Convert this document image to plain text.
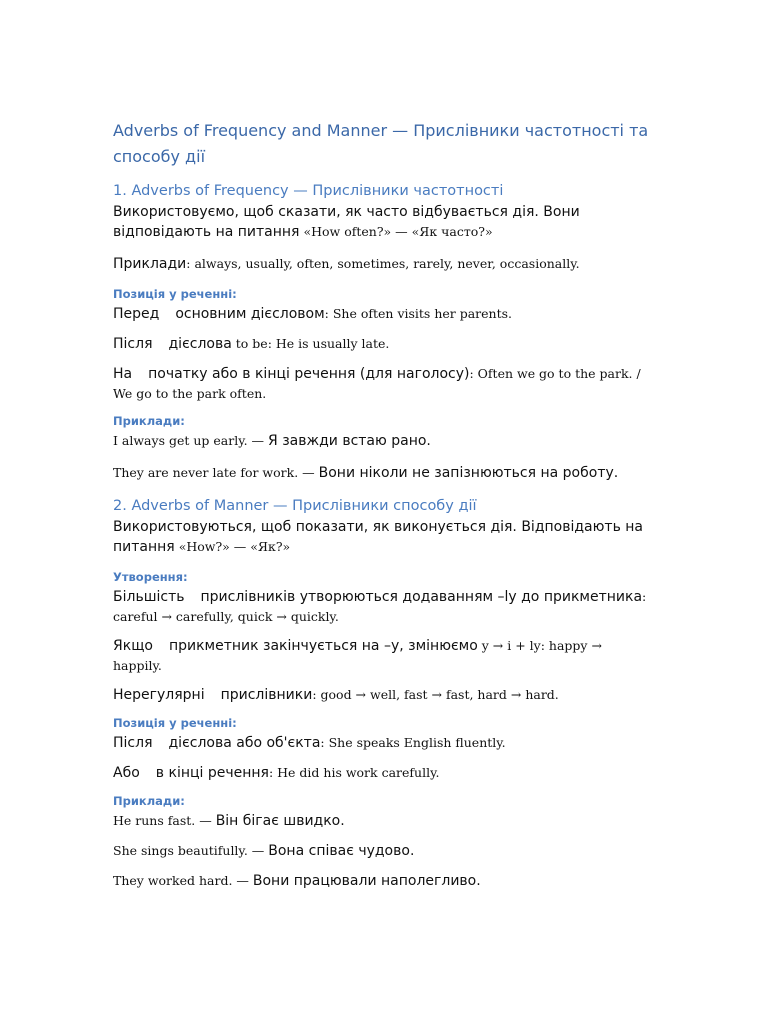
Adverbs of Frequency and Manner — Прислівники частотності та способу дії
1. Adverbs of Frequency — Прислівники частотності

Використовуємо, щоб сказати, як часто відбувається дія. Вони відповідають на питання «How often?» — «Як часто?»

Приклади: always, usually, often, sometimes, rarely, never, occasionally.

Позиція у реченні:

Перед основним дієсловом: She often visits her parents.

Після дієслова to be: He is usually late.

На початку або в кінці речення (для наголосу): Often we go to the park. / We go to the park often.

Приклади:

I always get up early. — Я завжди встаю рано.

They are never late for work. — Вони ніколи не запізнюються на роботу.

2. Adverbs of Manner — Прислівники способу дії

Використовуються, щоб показати, як виконується дія. Відповідають на питання «How?» — «Як?»

Утворення:

Більшість прислівників утворюються додаванням –ly до прикметника: careful → carefully, quick → quickly.

Якщо прикметник закінчується на –y, змінюємо y → i + ly: happy → happily.

Нерегулярні прислівники: good → well, fast → fast, hard → hard.

Позиція у реченні:

Після дієслова або об'єкта: She speaks English fluently.

Або в кінці речення: He did his work carefully.

Приклади:

He runs fast. — Він бігає швидко.

She sings beautifully. — Вона співає чудово.

They worked hard. — Вони працювали наполегливо.
